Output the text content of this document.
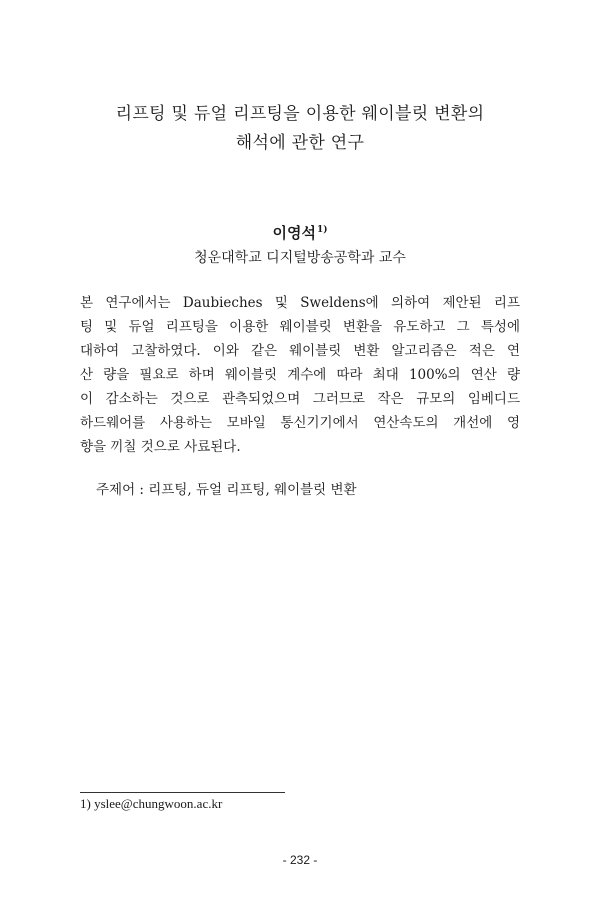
리프팅 및 듀얼 리프팅을 이용한 웨이블릿 변환의
해석에 관한 연구
이영석$^{1)}$
청운대학교 디지털방송공학과 교수
본 연구에서는 Daubieches 및 Sweldens에 의하여 제안된 리프
팅 및 듀얼 리프팅을 이용한 웨이블릿 변환을 유도하고 그 특성에
대하여 고찰하였다. 이와 같은 웨이블릿 변환 알고리즘은 적은 연
산 량을 필요로 하며 웨이블릿 계수에 따라 최대 100%의 연산 량
이 감소하는 것으로 관측되었으며 그러므로 작은 규모의 임베디드
하드웨어를 사용하는 모바일 통신기기에서 연산속도의 개선에 영
향을 끼칠 것으로 사료된다.
주제어 : 리프팅, 듀얼 리프팅, 웨이블릿 변환
1) yslee@chungwoon.ac.kr
- 232 -
